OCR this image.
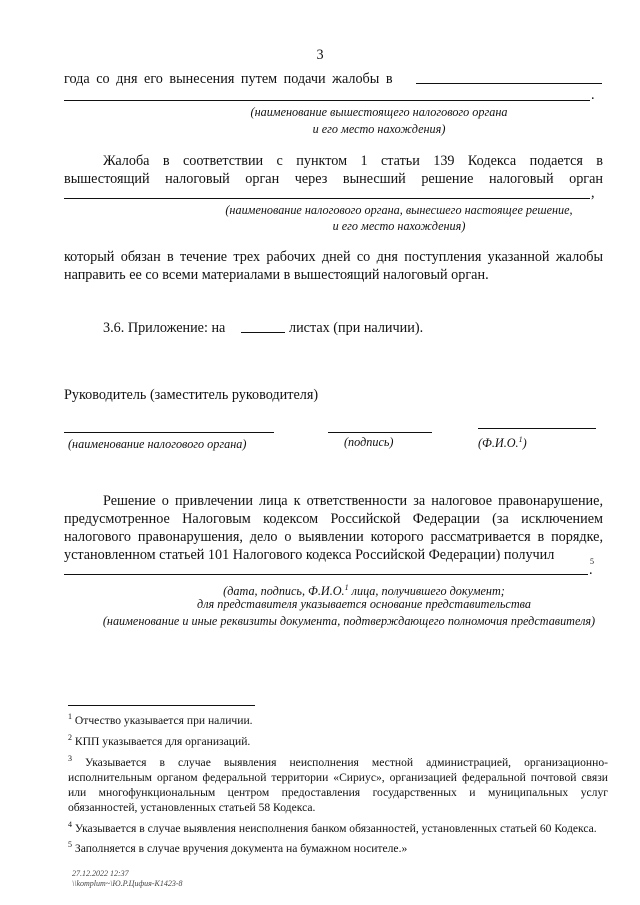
3
года со дня его вынесения путем подачи жалобы в
.
(наименование вышестоящего налогового органа
и его место нахождения)
Жалоба в соответствии с пунктом 1 статьи 139 Кодекса подается в
вышестоящий налоговый орган через вынесший решение налоговый орган
,
(наименование налогового органа, вынесшего настоящее решение,
и его место нахождения)
который обязан в течение трех рабочих дней со дня поступления указанной жалобы
направить ее со всеми материалами в вышестоящий налоговый орган.
3.6. Приложение: на	листах (при наличии).
Руководитель (заместитель руководителя)
(наименование налогового органа)	(подпись)	(Ф.И.О.$^1$)
Решение о привлечении лица к ответственности за налоговое правонарушение,
предусмотренное Налоговым кодексом Российской Федерации (за исключением
налогового правонарушения, дело о выявлении которого рассматривается в порядке,
установленном статьей 101 Налогового кодекса Российской Федерации) получил	5
.
(дата, подпись, Ф.И.О.$^1$ лица, получившего документ;
для представителя указывается основание представительства
(наименование и иные реквизиты документа, подтверждающего полномочия представителя)
$^1$ Отчество указывается при наличии.
$^2$ КПП указывается для организаций.
$^3$ Указывается в случае выявления неисполнения местной администрацией, организационно-исполнительным органом федеральной территории «Сириус», организацией федеральной почтовой связи или многофункциональным центром предоставления государственных и муниципальных услуг обязанностей, установленных статьей 58 Кодекса.
$^4$ Указывается в случае выявления неисполнения банком обязанностей, установленных статьей 60 Кодекса.
$^5$ Заполняется в случае вручения документа на бумажном носителе.»
27.12.2022 12:37
\\komplum~\Ю.Р.Цифия-К1423-8
